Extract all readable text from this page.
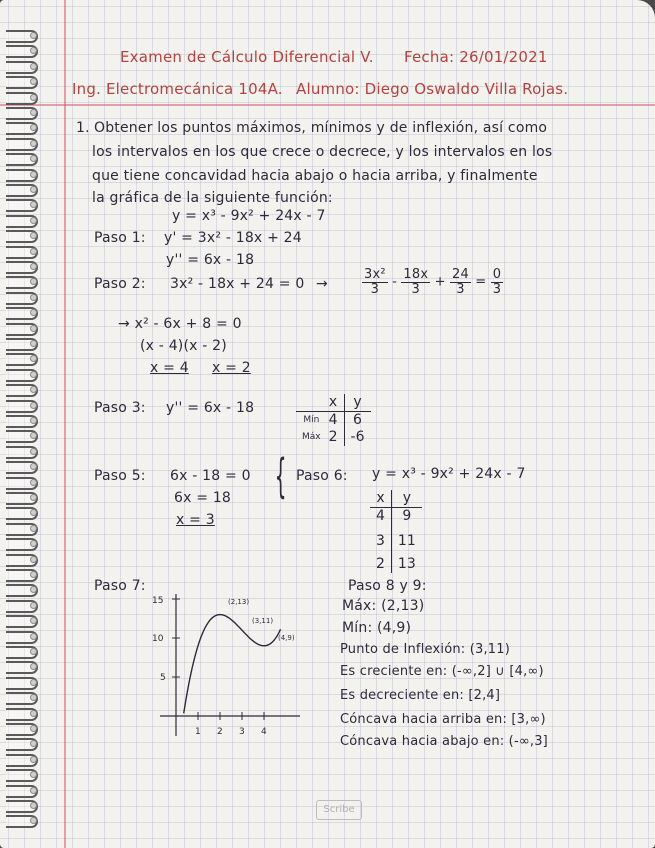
Examen de Cálculo Diferencial V. Fecha: 26/01/2021
Ing. Electromecánica 104A. Alumno: Diego Oswaldo Villa Rojas.
1. Obtener los puntos máximos, mínimos y de inflexión, así como
los intervalos en los que crece o decrece, y los intervalos en los
que tiene concavidad hacia abajo o hacia arriba, y finalmente
la gráfica de la siguiente función:
y = x³ - 9x² + 24x - 7
Paso 1: y' = 3x² - 18x + 24
y'' = 6x - 18
Paso 2: 3x² - 18x + 24 = 0 →	$\frac{\text{3x²}}{3} - \frac{18x}{3} + \frac{24}{3} = \frac{0}{3}$
→ x² - 6x + 8 = 0
(x - 4)(x - 2)
x = 4 x = 2
Paso 3: y'' = 6x - 18
		x	y
Mín	4	6
Máx	2	-6
Paso 5: 6x - 18 = 0
6x = 18
x = 3
{ Paso 6: y = x³ - 9x² + 24x - 7
x	y
4	9
3	11
2	13
Paso 7:
15
10
5
1 2 3 4
(2,13)
(3,11)
(4,9)
Paso 8 y 9:
Máx: (2,13)
Mín: (4,9)
Punto de Inflexión: (3,11)
Es creciente en: (-∞,2] ∪ [4,∞)
Es decreciente en: [2,4]
Cóncava hacia arriba en: [3,∞)
Cóncava hacia abajo en: (-∞,3]
Scribe
